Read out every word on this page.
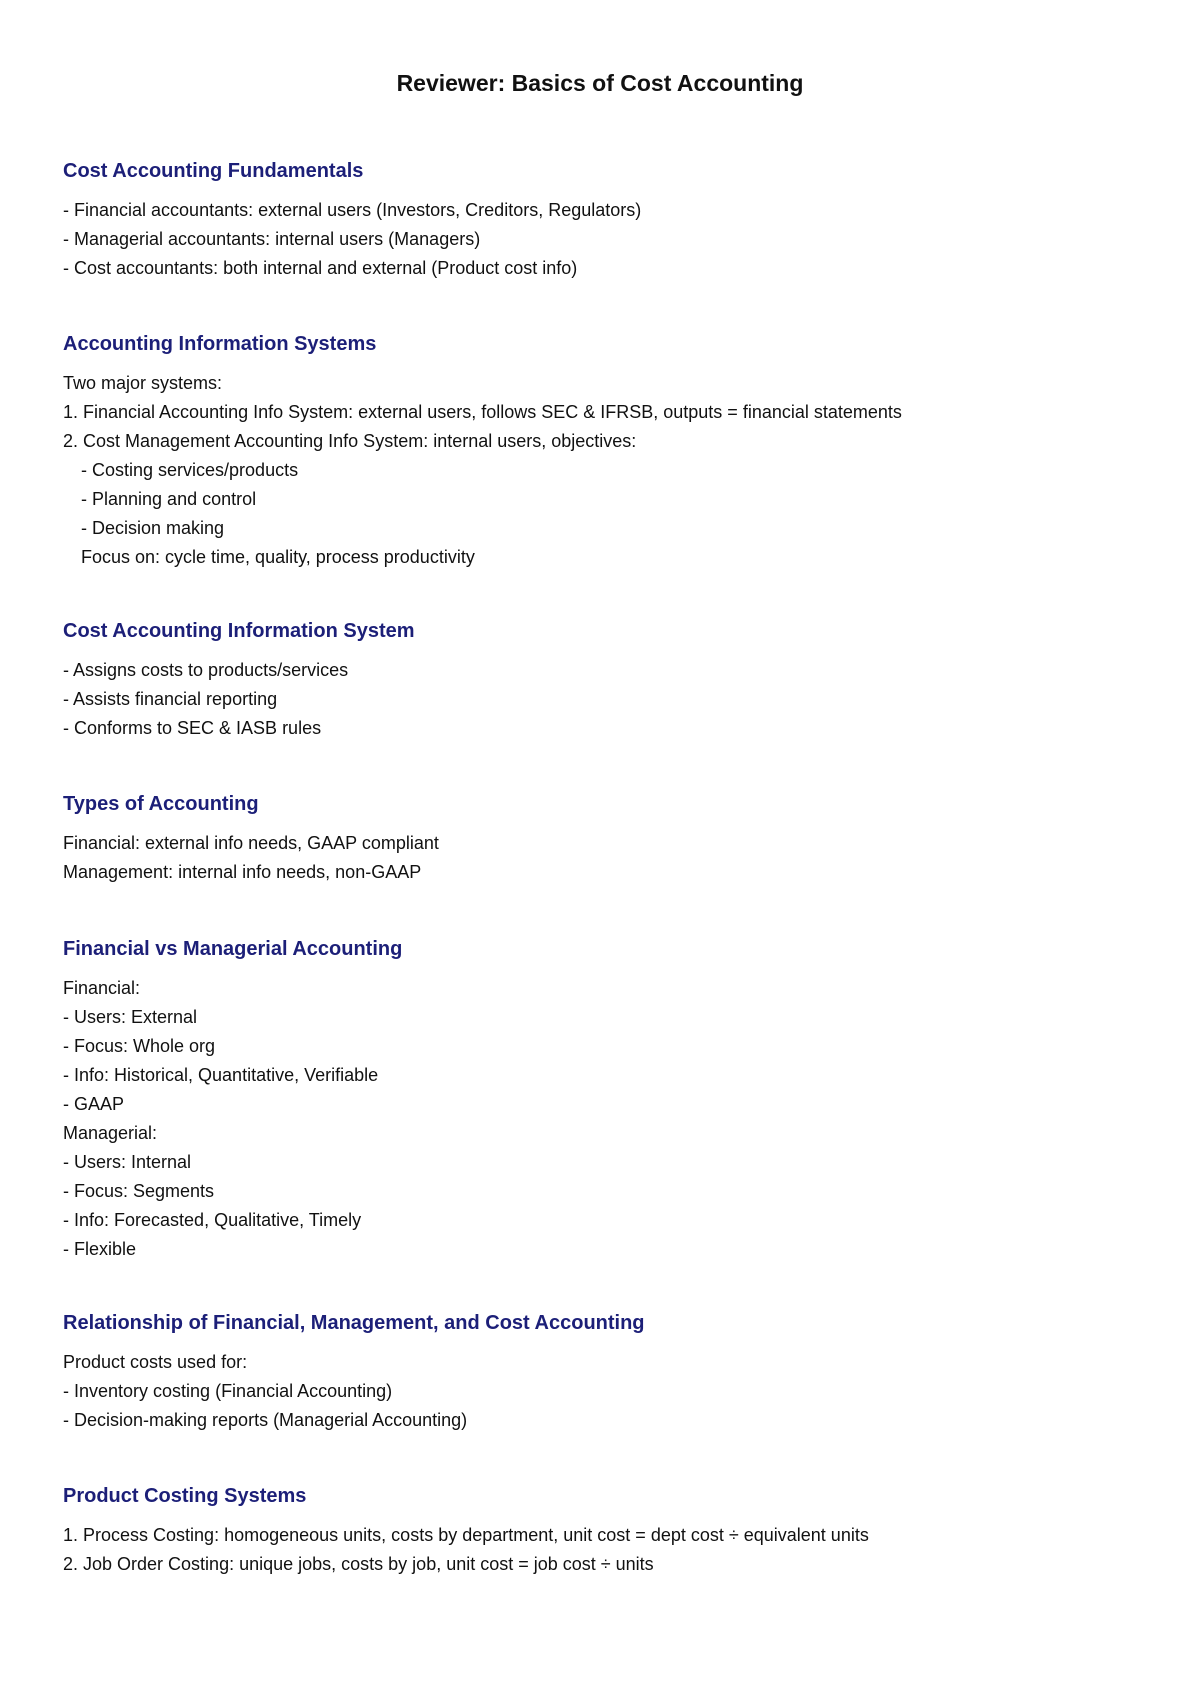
Reviewer: Basics of Cost Accounting
Cost Accounting Fundamentals
- Financial accountants: external users (Investors, Creditors, Regulators)
- Managerial accountants: internal users (Managers)
- Cost accountants: both internal and external (Product cost info)
Accounting Information Systems
Two major systems:
1. Financial Accounting Info System: external users, follows SEC & IFRSB, outputs = financial statements
2. Cost Management Accounting Info System: internal users, objectives:
- Costing services/products
- Planning and control
- Decision making
Focus on: cycle time, quality, process productivity
Cost Accounting Information System
- Assigns costs to products/services
- Assists financial reporting
- Conforms to SEC & IASB rules
Types of Accounting
Financial: external info needs, GAAP compliant
Management: internal info needs, non-GAAP
Financial vs Managerial Accounting
Financial:
- Users: External
- Focus: Whole org
- Info: Historical, Quantitative, Verifiable
- GAAP
Managerial:
- Users: Internal
- Focus: Segments
- Info: Forecasted, Qualitative, Timely
- Flexible
Relationship of Financial, Management, and Cost Accounting
Product costs used for:
- Inventory costing (Financial Accounting)
- Decision-making reports (Managerial Accounting)
Product Costing Systems
1. Process Costing: homogeneous units, costs by department, unit cost = dept cost ÷ equivalent units
2. Job Order Costing: unique jobs, costs by job, unit cost = job cost ÷ units
